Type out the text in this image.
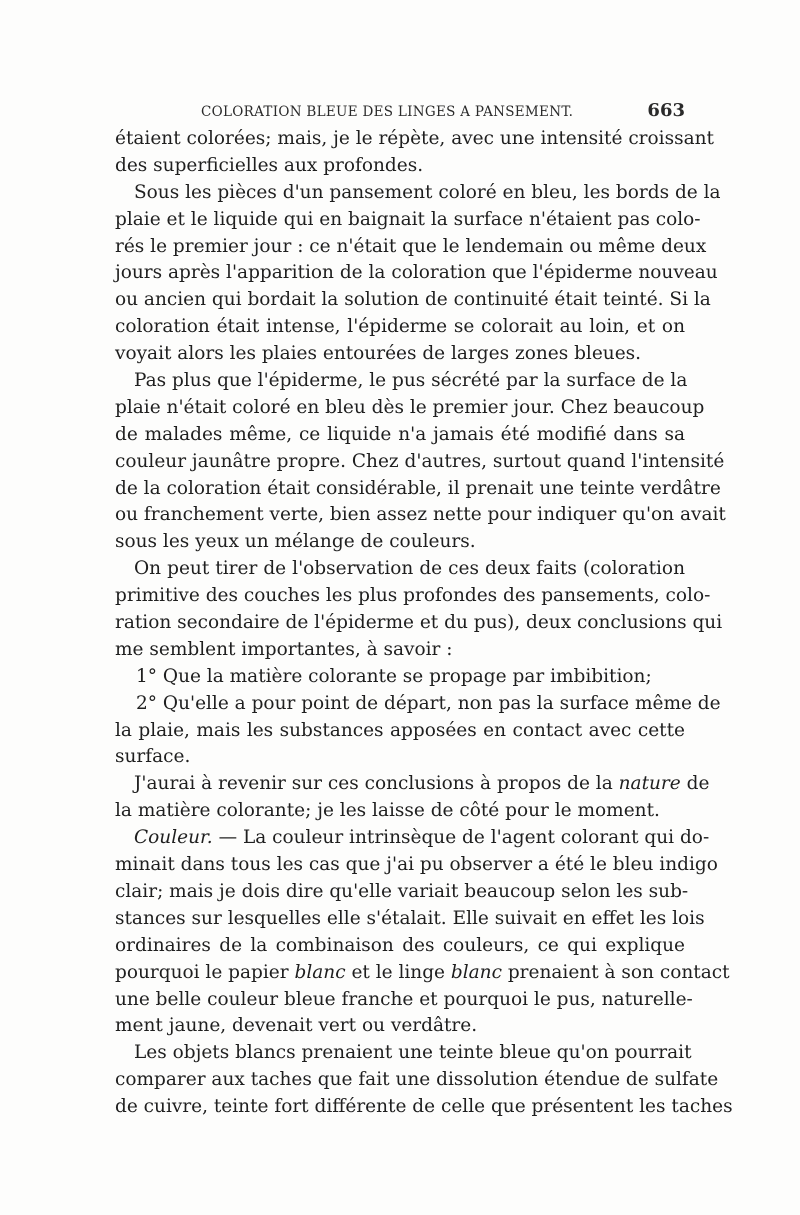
COLORATION BLEUE DES LINGES A PANSEMENT.	663
étaient colorées; mais, je le répète, avec une intensité croissant
des superficielles aux profondes.
Sous les pièces d'un pansement coloré en bleu, les bords de la
plaie et le liquide qui en baignait la surface n'étaient pas colo-
rés le premier jour : ce n'était que le lendemain ou même deux
jours après l'apparition de la coloration que l'épiderme nouveau
ou ancien qui bordait la solution de continuité était teinté. Si la
coloration était intense, l'épiderme se colorait au loin, et on
voyait alors les plaies entourées de larges zones bleues.
Pas plus que l'épiderme, le pus sécrété par la surface de la
plaie n'était coloré en bleu dès le premier jour. Chez beaucoup
de malades même, ce liquide n'a jamais été modifié dans sa
couleur jaunâtre propre. Chez d'autres, surtout quand l'intensité
de la coloration était considérable, il prenait une teinte verdâtre
ou franchement verte, bien assez nette pour indiquer qu'on avait
sous les yeux un mélange de couleurs.
On peut tirer de l'observation de ces deux faits (coloration
primitive des couches les plus profondes des pansements, colo-
ration secondaire de l'épiderme et du pus), deux conclusions qui
me semblent importantes, à savoir :
1° Que la matière colorante se propage par imbibition;
2° Qu'elle a pour point de départ, non pas la surface même de
la plaie, mais les substances apposées en contact avec cette
surface.
J'aurai à revenir sur ces conclusions à propos de la nature de
la matière colorante; je les laisse de côté pour le moment.
Couleur. — La couleur intrinsèque de l'agent colorant qui do-
minait dans tous les cas que j'ai pu observer a été le bleu indigo
clair; mais je dois dire qu'elle variait beaucoup selon les sub-
stances sur lesquelles elle s'étalait. Elle suivait en effet les lois
ordinaires de la combinaison des couleurs, ce qui explique
pourquoi le papier blanc et le linge blanc prenaient à son contact
une belle couleur bleue franche et pourquoi le pus, naturelle-
ment jaune, devenait vert ou verdâtre.
Les objets blancs prenaient une teinte bleue qu'on pourrait
comparer aux taches que fait une dissolution étendue de sulfate
de cuivre, teinte fort différente de celle que présentent les taches
